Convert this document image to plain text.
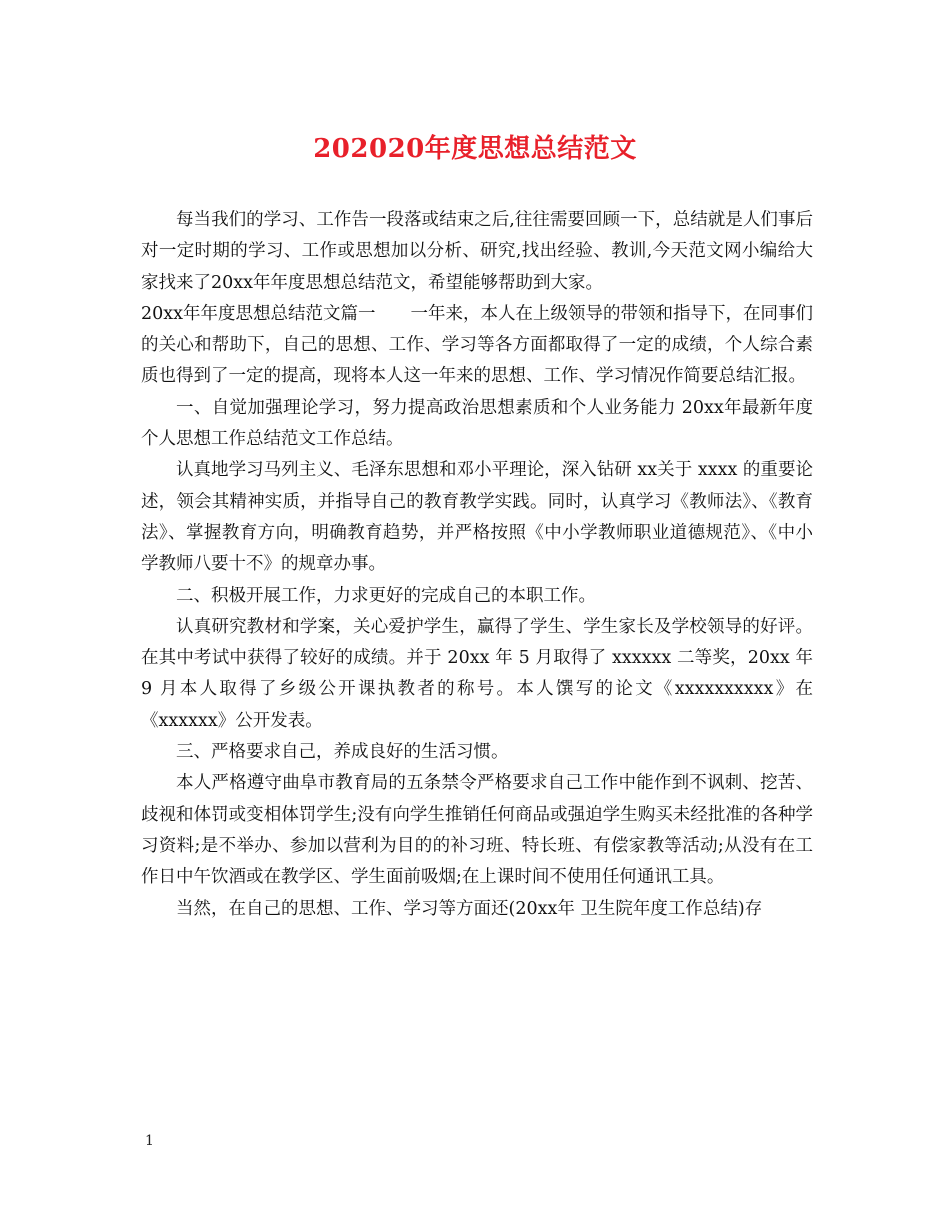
202020年度思想总结范文

每当我们的学习、工作告一段落或结束之后,往往需要回顾一下，总结就是人们事后对一定时期的学习、工作或思想加以分析、研究,找出经验、教训,今天范文网小编给大家找来了20xx年年度思想总结范文，希望能够帮助到大家。

20xx年年度思想总结范文篇一　　一年来，本人在上级领导的带领和指导下，在同事们的关心和帮助下，自己的思想、工作、学习等各方面都取得了一定的成绩，个人综合素质也得到了一定的提高，现将本人这一年来的思想、工作、学习情况作简要总结汇报。

一、自觉加强理论学习，努力提高政治思想素质和个人业务能力 20xx年最新年度个人思想工作总结范文工作总结。

认真地学习马列主义、毛泽东思想和邓小平理论，深入钻研 xx关于 xxxx 的重要论述，领会其精神实质，并指导自己的教育教学实践。同时，认真学习《教师法》、《教育法》、掌握教育方向，明确教育趋势，并严格按照《中小学教师职业道德规范》、《中小学教师八要十不》的规章办事。

二、积极开展工作，力求更好的完成自己的本职工作。

认真研究教材和学案，关心爱护学生，赢得了学生、学生家长及学校领导的好评。在其中考试中获得了较好的成绩。并于 20xx 年 5 月取得了 xxxxxx 二等奖，20xx 年 9 月本人取得了乡级公开课执教者的称号。本人馔写的论文《xxxxxxxxxx》在《xxxxxx》公开发表。

三、严格要求自己，养成良好的生活习惯。

本人严格遵守曲阜市教育局的五条禁令严格要求自己工作中能作到不讽刺、挖苦、歧视和体罚或变相体罚学生;没有向学生推销任何商品或强迫学生购买未经批准的各种学习资料;是不举办、参加以营利为目的的补习班、特长班、有偿家教等活动;从没有在工作日中午饮酒或在教学区、学生面前吸烟;在上课时间不使用任何通讯工具。

当然，在自己的思想、工作、学习等方面还(20xx年 卫生院年度工作总结)存

1
